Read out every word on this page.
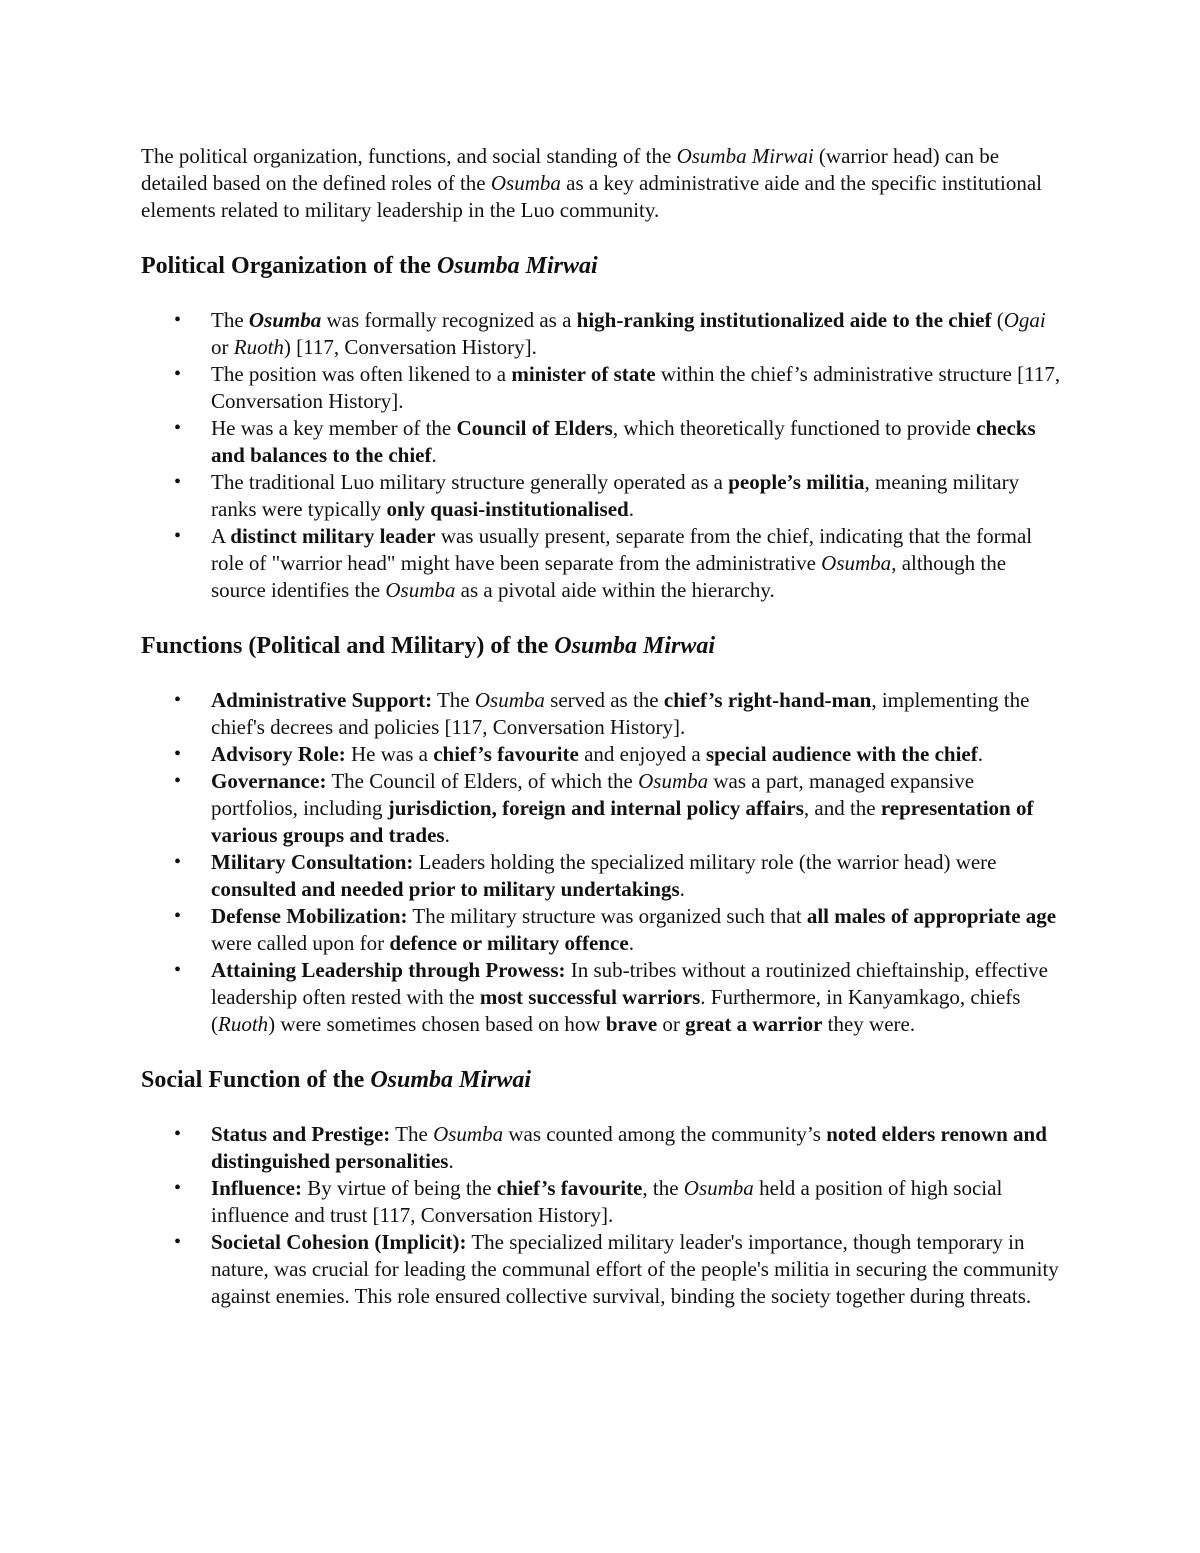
The political organization, functions, and social standing of the Osumba Mirwai (warrior head) can be detailed based on the defined roles of the Osumba as a key administrative aide and the specific institutional elements related to military leadership in the Luo community.

Political Organization of the Osumba Mirwai
• The Osumba was formally recognized as a high-ranking institutionalized aide to the chief (Ogai or Ruoth) [117, Conversation History].
• The position was often likened to a minister of state within the chief’s administrative structure [117, Conversation History].
• He was a key member of the Council of Elders, which theoretically functioned to provide checks and balances to the chief.
• The traditional Luo military structure generally operated as a people’s militia, meaning military ranks were typically only quasi-institutionalised.
• A distinct military leader was usually present, separate from the chief, indicating that the formal role of "warrior head" might have been separate from the administrative Osumba, although the source identifies the Osumba as a pivotal aide within the hierarchy.
Functions (Political and Military) of the Osumba Mirwai
• Administrative Support: The Osumba served as the chief’s right-hand-man, implementing the chief's decrees and policies [117, Conversation History].
• Advisory Role: He was a chief’s favourite and enjoyed a special audience with the chief.
• Governance: The Council of Elders, of which the Osumba was a part, managed expansive portfolios, including jurisdiction, foreign and internal policy affairs, and the representation of various groups and trades.
• Military Consultation: Leaders holding the specialized military role (the warrior head) were consulted and needed prior to military undertakings.
• Defense Mobilization: The military structure was organized such that all males of appropriate age were called upon for defence or military offence.
• Attaining Leadership through Prowess: In sub-tribes without a routinized chieftainship, effective leadership often rested with the most successful warriors. Furthermore, in Kanyamkago, chiefs (Ruoth) were sometimes chosen based on how brave or great a warrior they were.
Social Function of the Osumba Mirwai
• Status and Prestige: The Osumba was counted among the community’s noted elders renown and distinguished personalities.
• Influence: By virtue of being the chief’s favourite, the Osumba held a position of high social influence and trust [117, Conversation History].
• Societal Cohesion (Implicit): The specialized military leader's importance, though temporary in nature, was crucial for leading the communal effort of the people's militia in securing the community against enemies. This role ensured collective survival, binding the society together during threats.
